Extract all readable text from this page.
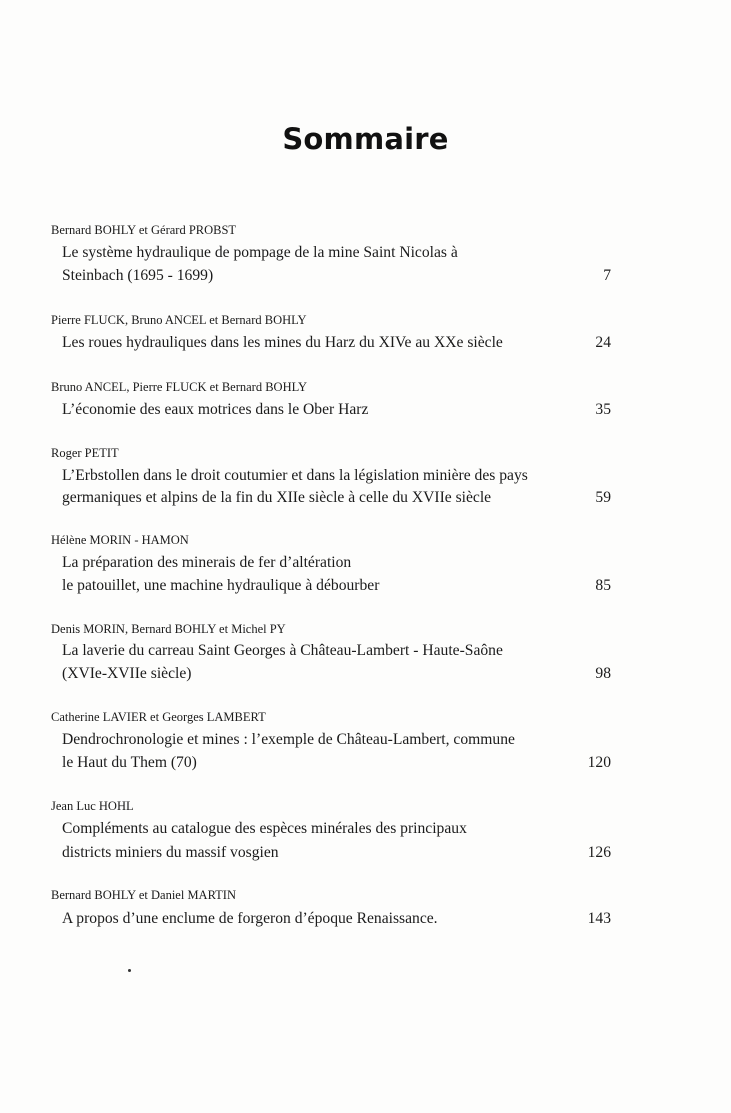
Sommaire
Bernard BOHLY et Gérard PROBST
Le système hydraulique de pompage de la mine Saint Nicolas à
Steinbach (1695 - 1699)	7
Pierre FLUCK, Bruno ANCEL et Bernard BOHLY
Les roues hydrauliques dans les mines du Harz du XIVe au XXe siècle	24
Bruno ANCEL, Pierre FLUCK et Bernard BOHLY
L’économie des eaux motrices dans le Ober Harz	35
Roger PETIT
L’Erbstollen dans le droit coutumier et dans la législation minière des pays
germaniques et alpins de la fin du XIIe siècle à celle du XVIIe siècle	59
Hélène MORIN - HAMON
La préparation des minerais de fer d’altération
le patouillet, une machine hydraulique à débourber	85
Denis MORIN, Bernard BOHLY et Michel PY
La laverie du carreau Saint Georges à Château-Lambert - Haute-Saône
(XVIe-XVIIe siècle)	98
Catherine LAVIER et Georges LAMBERT
Dendrochronologie et mines : l’exemple de Château-Lambert, commune
le Haut du Them (70)	120
Jean Luc HOHL
Compléments au catalogue des espèces minérales des principaux
districts miniers du massif vosgien	126
Bernard BOHLY et Daniel MARTIN
A propos d’une enclume de forgeron d’époque Renaissance.	143
